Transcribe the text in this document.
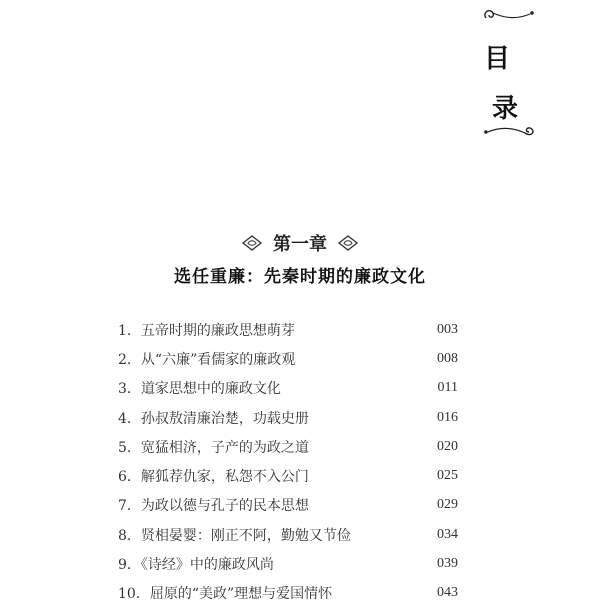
目
录
第一章
选任重廉：先秦时期的廉政文化
1．五帝时期的廉政思想萌芽	003
2．从“六廉”看儒家的廉政观	008
3．道家思想中的廉政文化	011
4．孙叔敖清廉治楚，功载史册	016
5．宽猛相济，子产的为政之道	020
6．解狐荐仇家，私怨不入公门	025
7．为政以德与孔子的民本思想	029
8．贤相晏婴：刚正不阿，勤勉又节俭	034
9．《诗经》中的廉政风尚	039
10．屈原的“美政”理想与爱国情怀	043
